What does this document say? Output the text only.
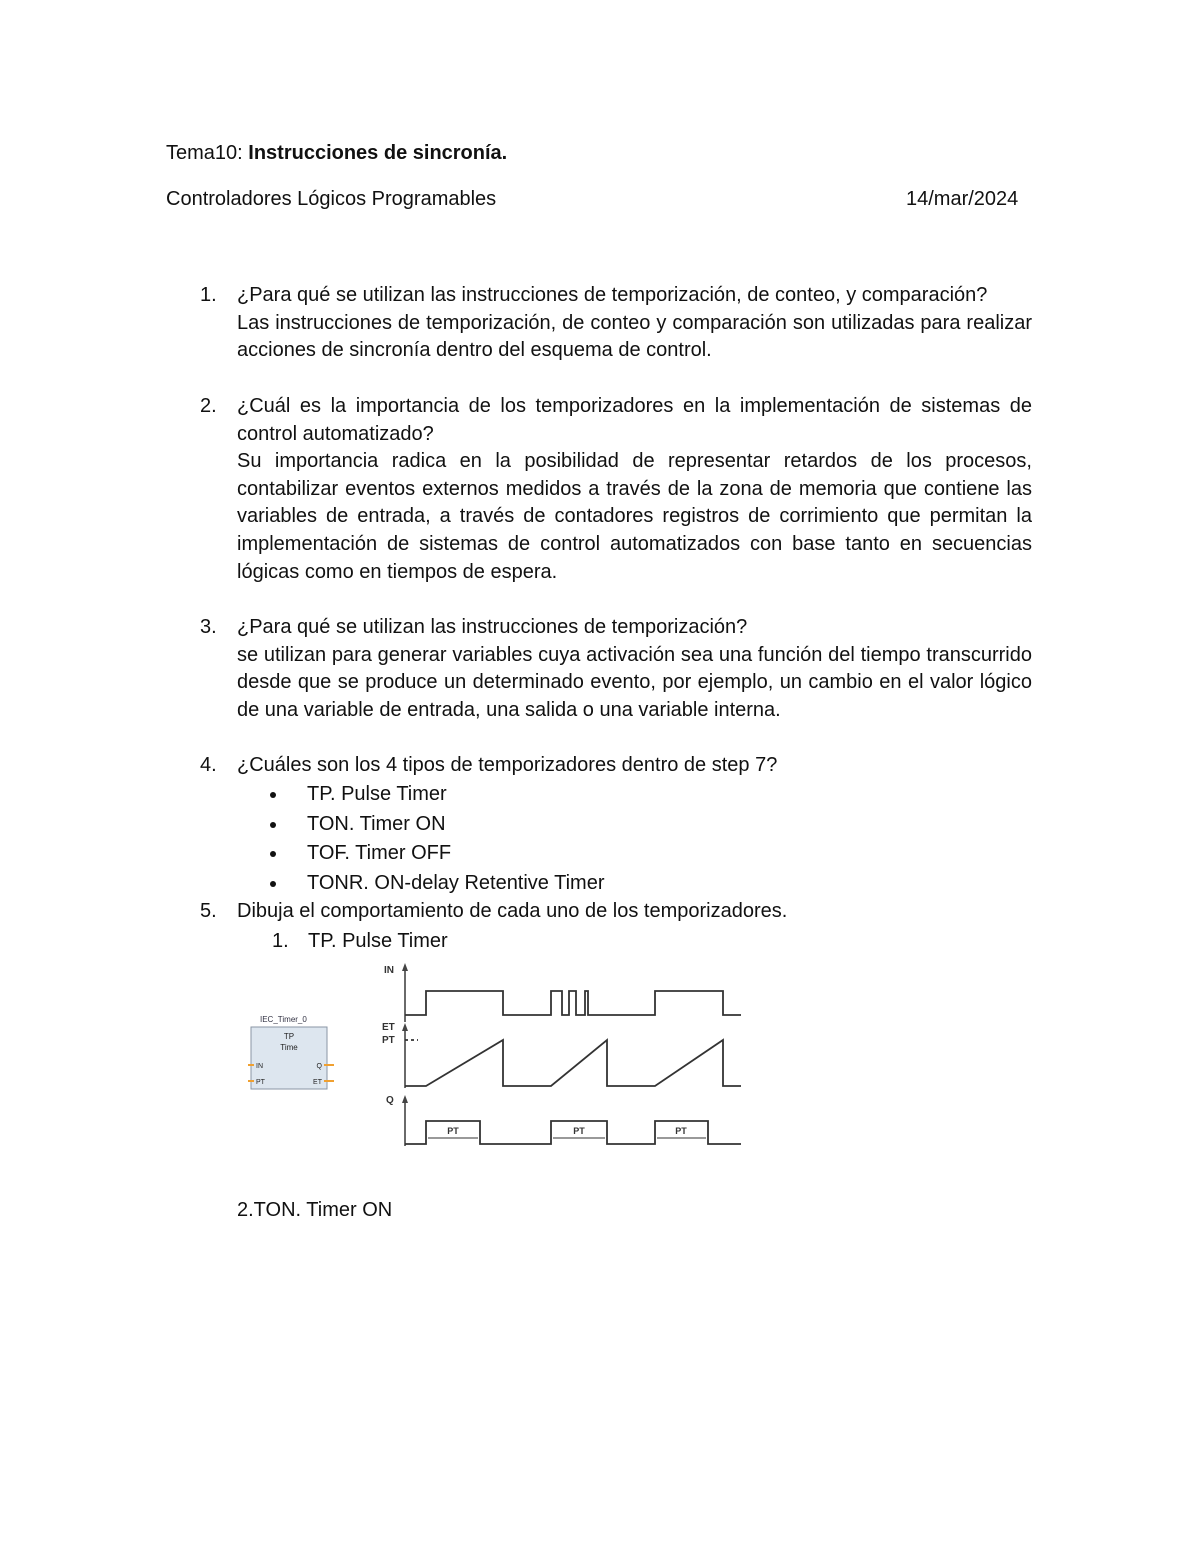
Tema10: Instrucciones de sincronía.
Controladores Lógicos Programables	14/mar/2024
1.	¿Para qué se utilizan las instrucciones de temporización, de conteo, y comparación?
Las instrucciones de temporización, de conteo y comparación son utilizadas para realizar acciones de sincronía dentro del esquema de control.
2.	¿Cuál es la importancia de los temporizadores en la implementación de sistemas de control automatizado?
Su importancia radica en la posibilidad de representar retardos de los procesos, contabilizar eventos externos medidos a través de la zona de memoria que contiene las variables de entrada, a través de contadores registros de corrimiento que permitan la implementación de sistemas de control automatizados con base tanto en secuencias lógicas como en tiempos de espera.
3.	¿Para qué se utilizan las instrucciones de temporización?
se utilizan para generar variables cuya activación sea una función del tiempo transcurrido desde que se produce un determinado evento, por ejemplo, un cambio en el valor lógico de una variable de entrada, una salida o una variable interna.
4.	¿Cuáles son los 4 tipos de temporizadores dentro de step 7?
TP. Pulse Timer
TON. Timer ON
TOF. Timer OFF
TONR. ON-delay Retentive Timer
5.	Dibuja el comportamiento de cada uno de los temporizadores.
1. TP. Pulse Timer
IEC_Timer_0
TP
Time
IN
PT
Q
ET
IN
ET
PT
Q
PT	PT	PT
2.TON. Timer ON
